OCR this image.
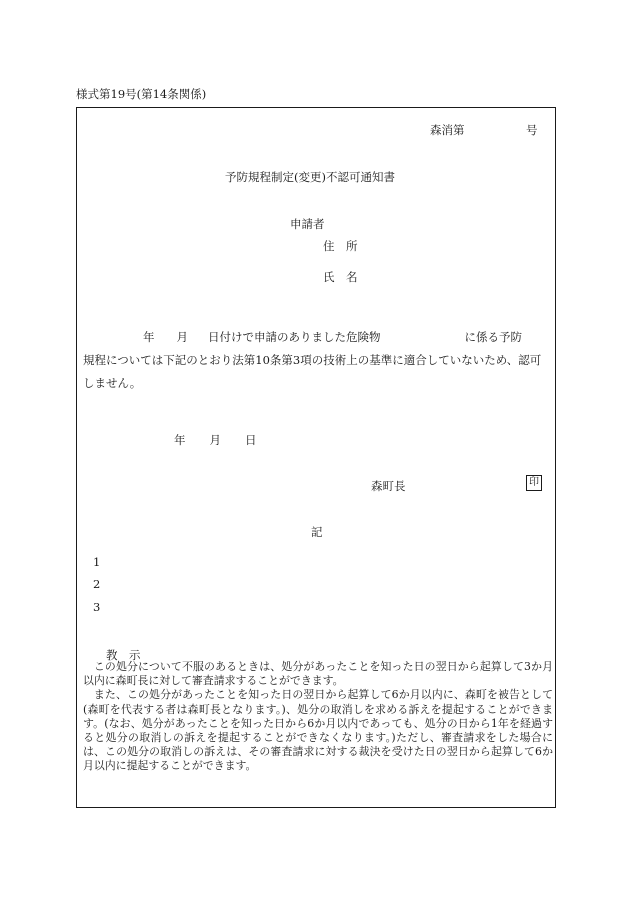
様式第19号(第14条関係)
森消第	号
予防規程制定(変更)不認可通知書
申請者
住　所
氏　名
年 月 日付けで申請のありました危険物	に係る予防
規程については下記のとおり法第10条第3項の技術上の基準に適合していないため、認可
しません。
年 月 日
森町長	印
記
1
2
3
教　示

この処分について不服のあるときは、処分があったことを知った日の翌日から起算して3か月以内に森町長に対して審査請求することができます。

また、この処分があったことを知った日の翌日から起算して6か月以内に、森町を被告として(森町を代表する者は森町長となります。)、処分の取消しを求める訴えを提起することができます。(なお、処分があったことを知った日から6か月以内であっても、処分の日から1年を経過すると処分の取消しの訴えを提起することができなくなります。)ただし、審査請求をした場合には、この処分の取消しの訴えは、その審査請求に対する裁決を受けた日の翌日から起算して6か月以内に提起することができます。
